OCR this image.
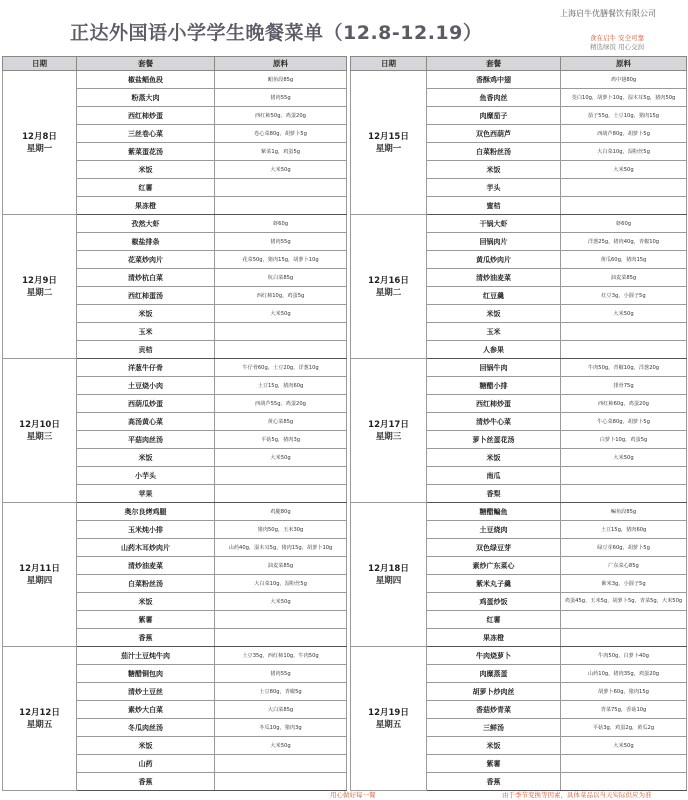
正达外国语小学学生晚餐菜单（12.8-12.19）
上海启牛优膳餐饮有限公司
食在启牛 安全可靠
精选绿饭 用心交润
日期	套餐	原料

12月8日
星期一	椒盐鲳鱼段	鲳鱼段85g
	粉蒸大肉	猪肉55g
	西红柿炒蛋	西红柿50g，鸡蛋20g
	三丝卷心菜	卷心菜80g，胡萝卜5g
	紫菜蛋花汤	紫菜1g，鸡蛋5g
	米饭	大米50g
	红薯	
	果冻橙	

12月9日
星期二	孜然大虾	虾60g
	椒盐排条	猪肉55g
	花菜炒肉片	花菜50g，猪肉15g，胡萝卜10g
	清炒杭白菜	杭白菜85g
	西红柿蛋汤	西红柿10g，鸡蛋5g
	米饭	大米50g
	玉米	
	贡桔	

12月10日
星期三	洋葱牛仔骨	牛仔骨60g，土豆20g，洋葱10g
	土豆烧小肉	土豆15g，猪肉60g
	西葫瓜炒蛋	西葫芦55g，鸡蛋20g
	高汤黄心菜	黄心菜85g
	平菇肉丝汤	平菇5g，猪肉3g
	米饭	大米50g
	小芋头	
	苹果	

12月11日
星期四	奥尔良烤鸡腿	鸡腿80g
	玉米炖小排	猪肉50g，玉米30g
	山药木耳炒肉片	山药40g，湿木耳5g，猪肉15g，胡萝卜10g
	清炒油麦菜	油麦菜85g
	白菜粉丝汤	大白菜10g，湿粉丝5g
	米饭	大米50g
	紫薯	
	香蕉	

12月12日
星期五	茄汁土豆炖牛肉	土豆35g，西红柿10g，牛肉50g
	糖醋铜包肉	猪肉55g
	清炒土豆丝	土豆80g，青椒5g
	素炒大白菜	大白菜85g
	冬瓜肉丝汤	冬瓜10g，猪肉3g
	米饭	大米50g
	山药	
	香蕉	
日期	套餐	原料

12月15日
星期一	香酥鸡中翅	鸡中翅80g
	鱼香肉丝	茭白10g，胡萝卜10g，湿木耳5g，猪肉50g
	肉糜茄子	茄子55g，土豆10g，猪肉15g
	双色西葫芦	西葫芦80g，胡萝卜5g
	白菜粉丝汤	大白菜10g，湿粉丝5g
	米饭	大米50g
	芋头	
	蜜桔	

12月16日
星期二	干锅大虾	虾60g
	回锅肉片	洋葱25g，猪肉40g，青椒10g
	黄瓜炒肉片	黄瓜60g，猪肉15g
	清炒油麦菜	油麦菜85g
	红豆羹	红豆3g，小圆子5g
	米饭	大米50g
	玉米	
	人参果	

12月17日
星期三	回锅牛肉	牛肉50g，青椒10g，洋葱20g
	糖醋小排	排骨75g
	西红柿炒蛋	西红柿60g，鸡蛋20g
	清炒牛心菜	牛心菜80g，胡萝卜5g
	萝卜丝蛋花汤	白萝卜10g，鸡蛋5g
	米饭	大米50g
	南瓜	
	香梨	

12月18日
星期四	糖醋鳊鱼	鳊鱼段85g
	土豆烧肉	土豆15g，猪肉60g
	双色绿豆芽	绿豆芽60g，胡萝卜5g
	素炒广东菜心	广东菜心85g
	紫米丸子羹	紫米3g，小圆子5g
	鸡蛋炒饭	鸡蛋45g，玉米5g，胡萝卜5g，青菜5g，大米50g
	红薯	
	果冻橙	

12月19日
星期五	牛肉烧萝卜	牛肉50g，白萝卜40g
	肉糜蒸蛋	山药10g，猪肉35g，鸡蛋20g
	胡萝卜炒肉丝	胡萝卜60g，猪肉15g
	香菇炒青菜	青菜75g，香菇10g
	三鲜汤	平菇3g，鸡蛋2g，黄瓜2g
	米饭	大米50g
	紫薯	
	香蕉	
用心做好每一餐	由于季节变换等因素，具体菜品以当天实际供应为准
